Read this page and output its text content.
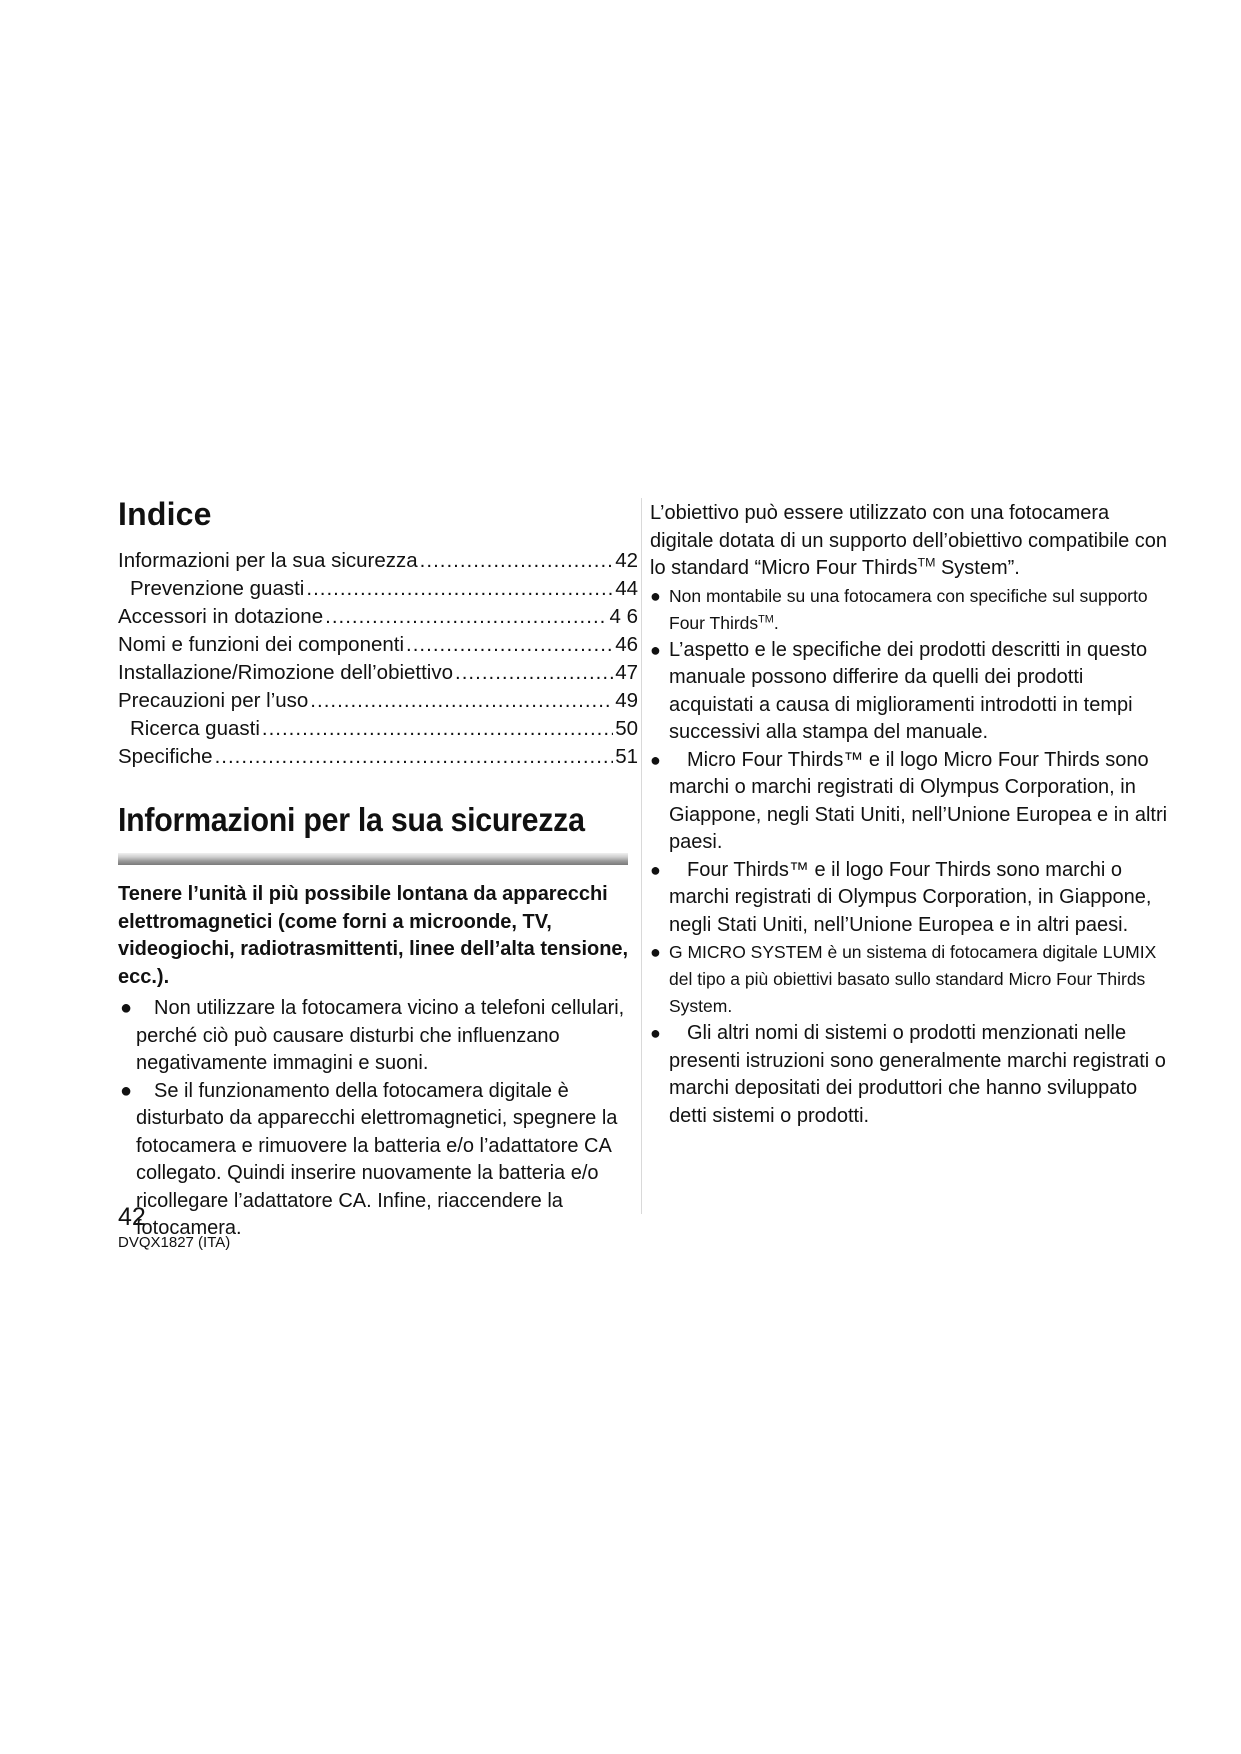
Indice
Informazioni per la sua sicurezza .....	42
Prevenzione guasti .....	44
Accessori in dotazione .....	4 6
Nomi e funzioni dei componenti .....	46
Installazione/Rimozione dell’obiettivo .....	47
Precauzioni per l’uso .....	49
Ricerca guasti .....	50
Specifiche .....	51
Informazioni per la sua sicurezza

Tenere l’unità il più possibile lontana da apparecchi elettromagnetici (come forni a microonde, TV, videogiochi, radiotrasmittenti, linee dell’alta tensione, ecc.).

● Non utilizzare la fotocamera vicino a telefoni cellulari, perché ciò può causare disturbi che influenzano negativamente immagini e suoni.
● Se il funzionamento della fotocamera digitale è disturbato da apparecchi elettromagnetici, spegnere la fotocamera e rimuovere la batteria e/o l’adattatore CA collegato. Quindi inserire nuovamente la batteria e/o ricollegare l’adattatore CA. Infine, riaccendere la fotocamera.

L’obiettivo può essere utilizzato con una fotocamera digitale dotata di un supporto dell’obiettivo compatibile con lo standard “Micro Four Thirds™ System”.

● Non montabile su una fotocamera con specifiche sul supporto Four Thirds™.
● L’aspetto e le specifiche dei prodotti descritti in questo manuale possono differire da quelli dei prodotti acquistati a causa di miglioramenti introdotti in tempi successivi alla stampa del manuale.
● Micro Four Thirds™ e il logo Micro Four Thirds sono marchi o marchi registrati di Olympus Corporation, in Giappone, negli Stati Uniti, nell’Unione Europea e in altri paesi.
● Four Thirds™ e il logo Four Thirds sono marchi o marchi registrati di Olympus Corporation, in Giappone, negli Stati Uniti, nell’Unione Europea e in altri paesi.
● G MICRO SYSTEM è un sistema di fotocamera digitale LUMIX del tipo a più obiettivi basato sullo standard Micro Four Thirds System.
● Gli altri nomi di sistemi o prodotti menzionati nelle presenti istruzioni sono generalmente marchi registrati o marchi depositati dei produttori che hanno sviluppato detti sistemi o prodotti.
42
DVQX1827 (ITA)
